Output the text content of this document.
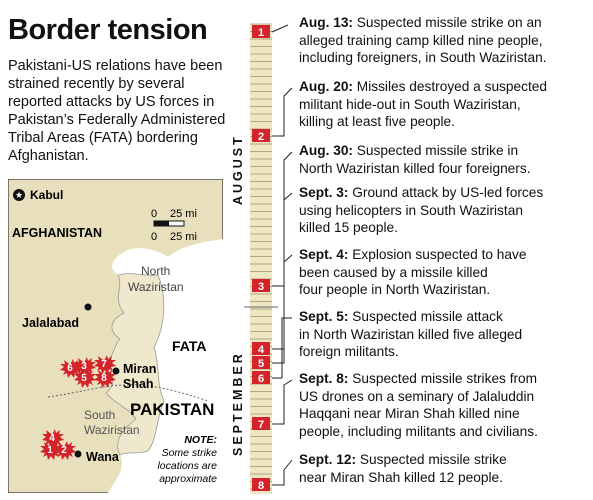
Border tension
Pakistani-US relations have been strained recently by several reported attacks by US forces in Pakistan’s Federally Administered Tribal Areas (FATA) bordering Afghanistan.
★ Kabul
0 25 mi
0 25 mi
AFGHANISTAN
North
Waziristan
Jalalabad
FATA
Miran
Shah
South
Waziristan
PAKISTAN
Wana
NOTE:
Some strike
locations are
approximate
6 3 7
5 8
4
1 2
1
2
3
4
5
6
7
8
AUGUST
SEPTEMBER
Aug. 13: Suspected missile strike on an
alleged training camp killed nine people,
including foreigners, in South Waziristan.
Aug. 20: Missiles destroyed a suspected
militant hide-out in South Waziristan,
killing at least five people.
Aug. 30: Suspected missile strike in
North Waziristan killed four foreigners.
Sept. 3: Ground attack by US-led forces
using helicopters in South Waziristan
killed 15 people.
Sept. 4: Explosion suspected to have
been caused by a missile killed
four people in North Waziristan.
Sept. 5: Suspected missile attack
in North Waziristan killed five alleged
foreign militants.
Sept. 8: Suspected missile strikes from
US drones on a seminary of Jalaluddin
Haqqani near Miran Shah killed nine
people, including militants and civilians.
Sept. 12: Suspected missile strike
near Miran Shah killed 12 people.
